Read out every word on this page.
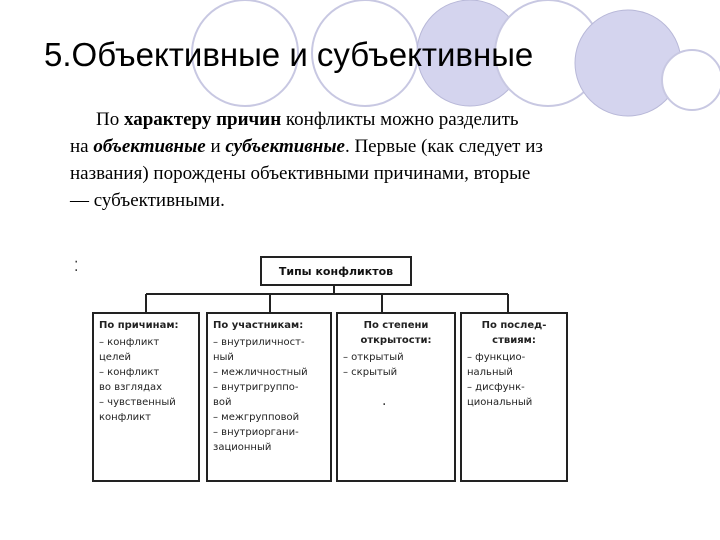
5.Объективные и субъективные
По характеру причин конфликты можно разделить
на объективные и субъективные. Первые (как следует из
названия) порождены объективными причинами, вторые
— субъективными.
⁚	Типы конфликтов
По причинам:
– конфликт
целей
– конфликт
во взглядах
– чувственный
конфликт
По участникам:
– внутриличност-
ный
– межличностный
– внутригруппо-
вой
– межгрупповой
– внутриоргани-
зационный
По степени
открытости:
– открытый
– скрытый
·
По послед-
ствиям:
– функцио-
нальный
– дисфунк-
циональный
